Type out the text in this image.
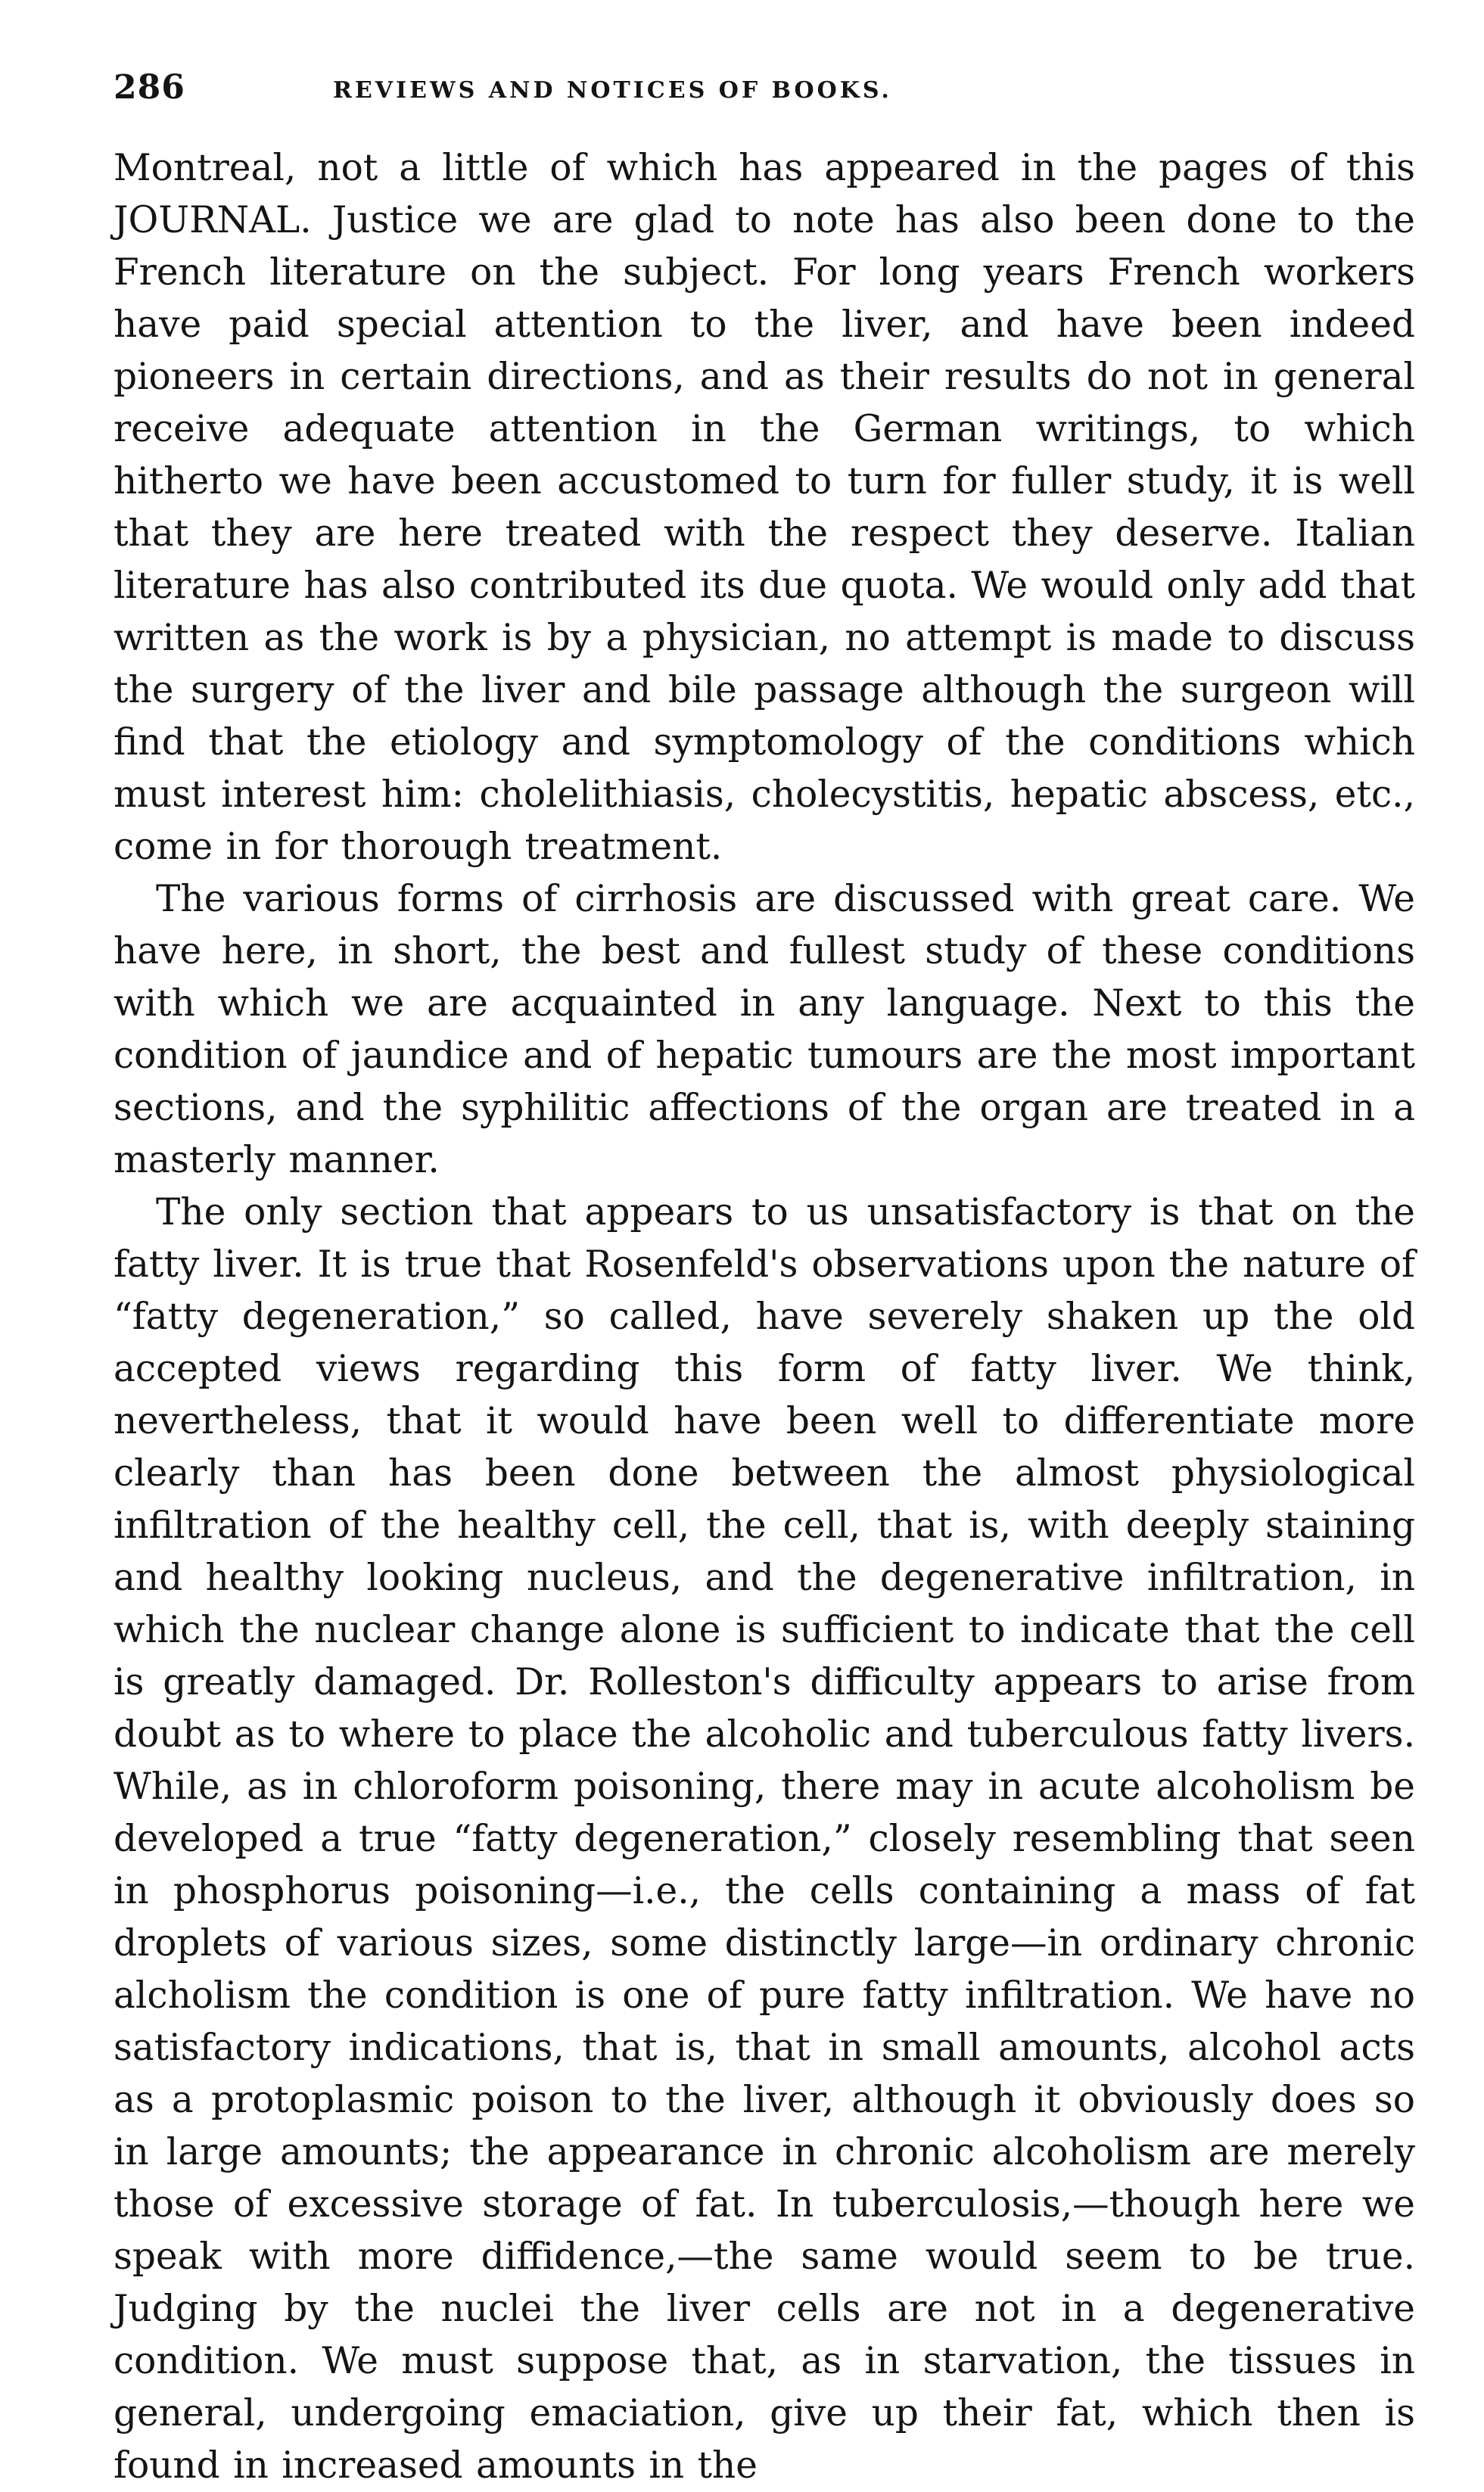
286	REVIEWS AND NOTICES OF BOOKS.

Montreal, not a little of which has appeared in the pages of this JOURNAL. Justice we are glad to note has also been done to the French literature on the subject. For long years French workers have paid special attention to the liver, and have been indeed pioneers in certain directions, and as their results do not in general receive adequate attention in the German writings, to which hitherto we have been accustomed to turn for fuller study, it is well that they are here treated with the respect they deserve. Italian literature has also contributed its due quota. We would only add that written as the work is by a physician, no attempt is made to discuss the surgery of the liver and bile passage although the surgeon will find that the etiology and symptomology of the conditions which must interest him: cholelithiasis, cholecystitis, hepatic abscess, etc., come in for thorough treatment.

The various forms of cirrhosis are discussed with great care. We have here, in short, the best and fullest study of these conditions with which we are acquainted in any language. Next to this the condition of jaundice and of hepatic tumours are the most important sections, and the syphilitic affections of the organ are treated in a masterly manner.

The only section that appears to us unsatisfactory is that on the fatty liver. It is true that Rosenfeld's observations upon the nature of “fatty degeneration,” so called, have severely shaken up the old accepted views regarding this form of fatty liver. We think, nevertheless, that it would have been well to differentiate more clearly than has been done between the almost physiological infiltration of the healthy cell, the cell, that is, with deeply staining and healthy looking nucleus, and the degenerative infiltration, in which the nuclear change alone is sufficient to indicate that the cell is greatly damaged. Dr. Rolleston's difficulty appears to arise from doubt as to where to place the alcoholic and tuberculous fatty livers. While, as in chloroform poisoning, there may in acute alcoholism be developed a true “fatty degeneration,” closely resembling that seen in phosphorus poisoning—i.e., the cells containing a mass of fat droplets of various sizes, some distinctly large—in ordinary chronic alcholism the condition is one of pure fatty infiltration. We have no satisfactory indications, that is, that in small amounts, alcohol acts as a protoplasmic poison to the liver, although it obviously does so in large amounts; the appearance in chronic alcoholism are merely those of excessive storage of fat. In tuberculosis,—though here we speak with more diffidence,—the same would seem to be true. Judging by the nuclei the liver cells are not in a degenerative condition. We must suppose that, as in starvation, the tissues in general, undergoing emaciation, give up their fat, which then is found in increased amounts in the
